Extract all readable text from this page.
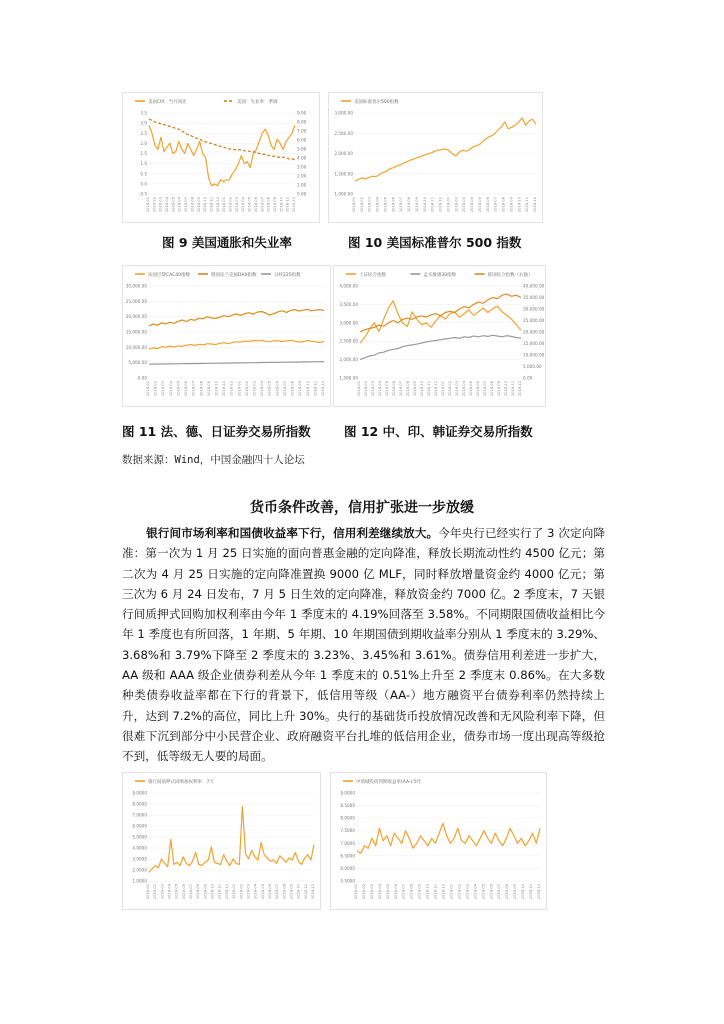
美国CPI：当月同比	美国：失业率：季调
3.5
3.0
2.5
2.0
1.5
1.0
0.5
0.0
-0.5
9.00
8.00
7.00
6.00
5.00
4.00
3.00
2.00
1.00
0.00
2018-01 2018-02 2018-03 2018-04 2018-05 2018-06 2018-07 2018-08 2018-09 2018-10 2018-11 2018-12 2018-01 2018-02 2018-03 2018-04 2018-05 2018-06 2018-07 2018-08 2018-09 2018-10 2018-11 2018-12
美国标准普尔500指数
3,000.00
2,500.00
2,000.00
1,500.00
1,000.00
2018-01 2018-02 2018-03 2018-04 2018-05 2018-06 2018-07 2018-08 2018-09 2018-10 2018-11 2018-12 2018-01 2018-02 2018-03 2018-04 2018-05 2018-06 2018-07 2018-08 2018-09 2018-10 2018-11 2018-12
图 9 美国通胀和失业率	图 10 美国标准普尔 500 指数
法国巴黎CAC40指数	德国法兰克福DAX指数	日经225指数
30,000.00
25,000.00
20,000.00
15,000.00
10,000.00
5,000.00
0.00
2018-01 2018-02 2018-03 2018-04 2018-05 2018-06 2018-07 2018-08 2018-09 2018-10 2018-11 2018-12 2018-01 2018-02 2018-03 2018-04 2018-05 2018-06 2018-07 2018-08 2018-09 2018-10 2018-11 2018-12
上证综合指数	孟买敏感30指数	韩国综合指数（右轴）
4,000.00
3,500.00
3,000.00
2,500.00
2,000.00
1,500.00
40,000.00
35,000.00
30,000.00
25,000.00
20,000.00
15,000.00
10,000.00
5,000.00
0.00
2018-01 2018-02 2018-03 2018-04 2018-05 2018-06 2018-07 2018-08 2018-09 2018-10 2018-11 2018-12 2018-01 2018-02 2018-03 2018-04 2018-05 2018-06 2018-07 2018-08 2018-09 2018-10 2018-11 2018-12
图 11 法、德、日证券交易所指数	图 12 中、印、韩证券交易所指数
数据来源：Wind，中国金融四十人论坛
货币条件改善，信用扩张进一步放缓
银行间市场利率和国债收益率下行，信用利差继续放大。今年央行已经实行了 3 次定向降准：第一次为 1 月 25 日实施的面向普惠金融的定向降准，释放长期流动性约 4500 亿元；第二次为 4 月 25 日实施的定向降准置换 9000 亿 MLF，同时释放增量资金约 4000 亿元；第三次为 6 月 24 日发布，7 月 5 日生效的定向降准，释放资金约 7000 亿。2 季度末，7 天银行间质押式回购加权利率由今年 1 季度末的 4.19%回落至 3.58%。不同期限国债收益相比今年 1 季度也有所回落，1 年期、5 年期、10 年期国债到期收益率分别从 1 季度末的 3.29%、3.68%和 3.79%下降至 2 季度末的 3.23%、3.45%和 3.61%。债券信用利差进一步扩大，AA 级和 AAA 级企业债券利差从今年 1 季度末的 0.51%上升至 2 季度末 0.86%。在大多数种类债券收益率都在下行的背景下，低信用等级（AA-）地方融资平台债券利率仍然持续上升，达到 7.2%的高位，同比上升 30%。央行的基础货币投放情况改善和无风险利率下降，但很难下沉到部分中小民营企业、政府融资平台扎堆的低信用企业，债券市场一度出现高等级抢不到，低等级无人要的局面。
银行间质押式回购加权利率：7天
9.0000
8.0000
7.0000
6.0000
5.0000
4.0000
3.0000
2.0000
1.0000
2018-01 2018-02 2018-03 2018-04 2018-05 2018-06 2018-07 2018-08 2018-09 2018-10 2018-11 2018-12 2018-01 2018-02 2018-03 2018-04 2018-05 2018-06 2018-07 2018-08 2018-09 2018-10 2018-11 2018-12
中债城投债到期收益率(AA-):5年
9.0000
8.5000
8.0000
7.5000
7.0000
6.5000
6.0000
5.5000
2018-01 2018-02 2018-03 2018-04 2018-05 2018-06 2018-07 2018-08 2018-09 2018-10 2018-11 2018-12 2018-01 2018-02 2018-03 2018-04 2018-05 2018-06 2018-07 2018-08 2018-09 2018-10 2018-11 2018-12
